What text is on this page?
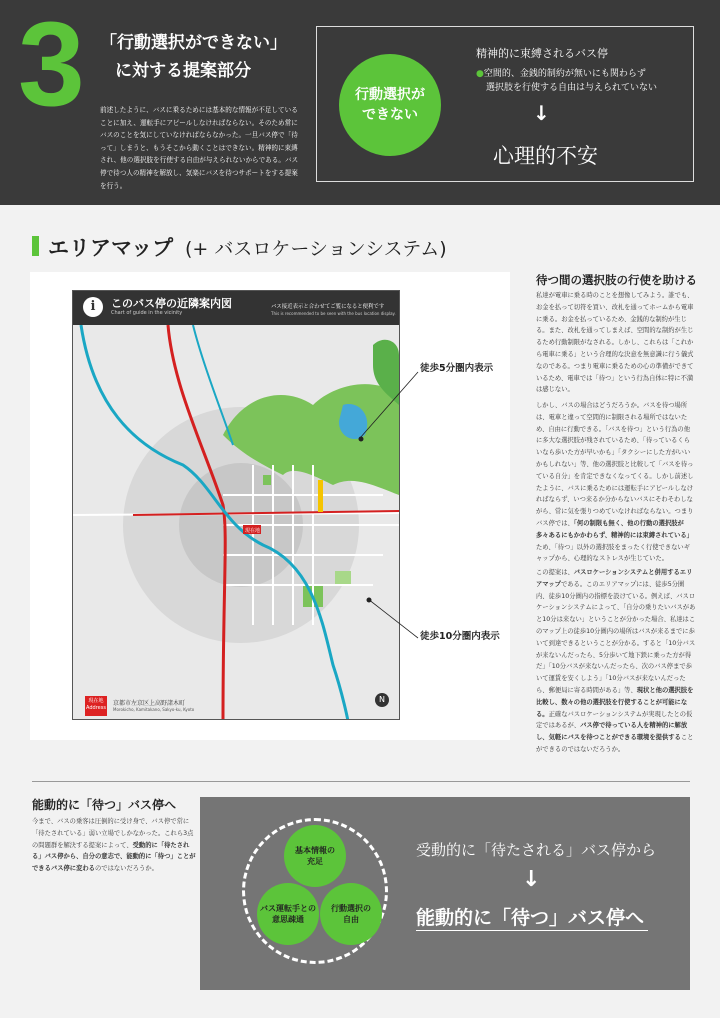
3 「行動選択ができない」
に対する提案部分
前述したように、バスに乗るためには基本的な情報が不足していることに加え、運転手にアピールしなければならない。そのため常にバスのことを気にしていなければならなかった。一旦バス停で「待って」しまうと、もうそこから動くことはできない。精神的に束縛され、他の選択肢を行使する自由が与えられないからである。バス停で待つ人の精神を解放し、気楽にバスを待つサポートをする提案を行う。
行動選択が
できない
精神的に束縛されるバス停
●空間的、金銭的制約が無いにも関わらず
選択肢を行使する自由は与えられていない
↓
心理的不安
エリアマップ (+ バスロケーションシステム)
i	このバス停の近隣案内図
Chart of guide in the vicinity
バス接近表示と合わせてご覧になると便利です
This is recommended to be seen with the bus location display.
現在地
現在地 Address
京都市左京区上高野諸木町
Morokicho, Kamitakano, Sakyo-ku, Kyoto
N
徒歩5分圏内表示
徒歩10分圏内表示
待つ間の選択肢の行使を助ける
私達が電車に乗る時のことを想像してみよう。誰でも、お金を払って切符を買い、改札を通ってホームから電車に乗る。お金を払っているため、金銭的な制約が生じる。また、改札を通ってしまえば、空間的な制約が生じるため行動制限がなされる。しかし、これらは「これから電車に乗る」という合理的な決意を無意識に行う儀式なのである。つまり電車に乗るための心の準備ができているため、電車では「待つ」という行為自体に特に不満は感じない。
しかし、バスの場合はどうだろうか。バスを待つ場所は、電車と違って空間的に制限される場所ではないため、自由に行動できる。「バスを待つ」という行為の他に多大な選択肢が残されているため、「待っているくらいなら歩いた方が早いかも」「タクシーにした方がいいかもしれない」等、他の選択肢と比較して「バスを待っている自分」を肯定できなくなってくる。しかし前述したように、バスに乗るためには運転手にアピールしなければならず、いつ来るか分からないバスにそわそわしながら、常に気を張りつめていなければならない。つまりバス停では、「何の制限も無く、他の行動の選択肢が多々あるにもかかわらず、精神的には束縛されている」ため、「待つ」以外の選択肢をまったく行使できないギャップから、心理的なストレスが生じていた。
この提案は、バスロケーションシステムと併用するエリアマップである。このエリアマップには、徒歩5分圏内、徒歩10分圏内の指標を設けている。例えば、バスロケーションシステムによって、「自分の乗りたいバスがあと10分は来ない」ということが分かった場合、私達はこのマップ上の徒歩10分圏内の場所はバスが来るまでに歩いて到達できるということが分かる。すると「10分バスが来ないんだったら、5分歩いて地下鉄に乗った方が得だ」「10分バスが来ないんだったら、次のバス停まで歩いて運賃を安くしよう」「10分バスが来ないんだったら、郵便局に寄る時間がある」等、現状と他の選択肢を比較し、数々の他の選択肢を行使することが可能になる。正確なバスロケーションシステムが実現したとの仮定ではあるが、バス停で待っている人を精神的に解放し、気軽にバスを待つことができる環境を提供することができるのではないだろうか。
能動的に「待つ」バス停へ
今まで、バスの乗客は圧倒的に受け身で、バス停で常に「待たされている」弱い立場でしかなかった。これら3点の問題群を解決する提案によって、受動的に「待たされる」バス停から、自分の意志で、能動的に「待つ」ことができるバス停に変わるのではないだろうか。
基本情報の
充足
バス運転手との
意思疎通
行動選択の
自由
受動的に「待たされる」バス停から
↓
能動的に「待つ」バス停へ
